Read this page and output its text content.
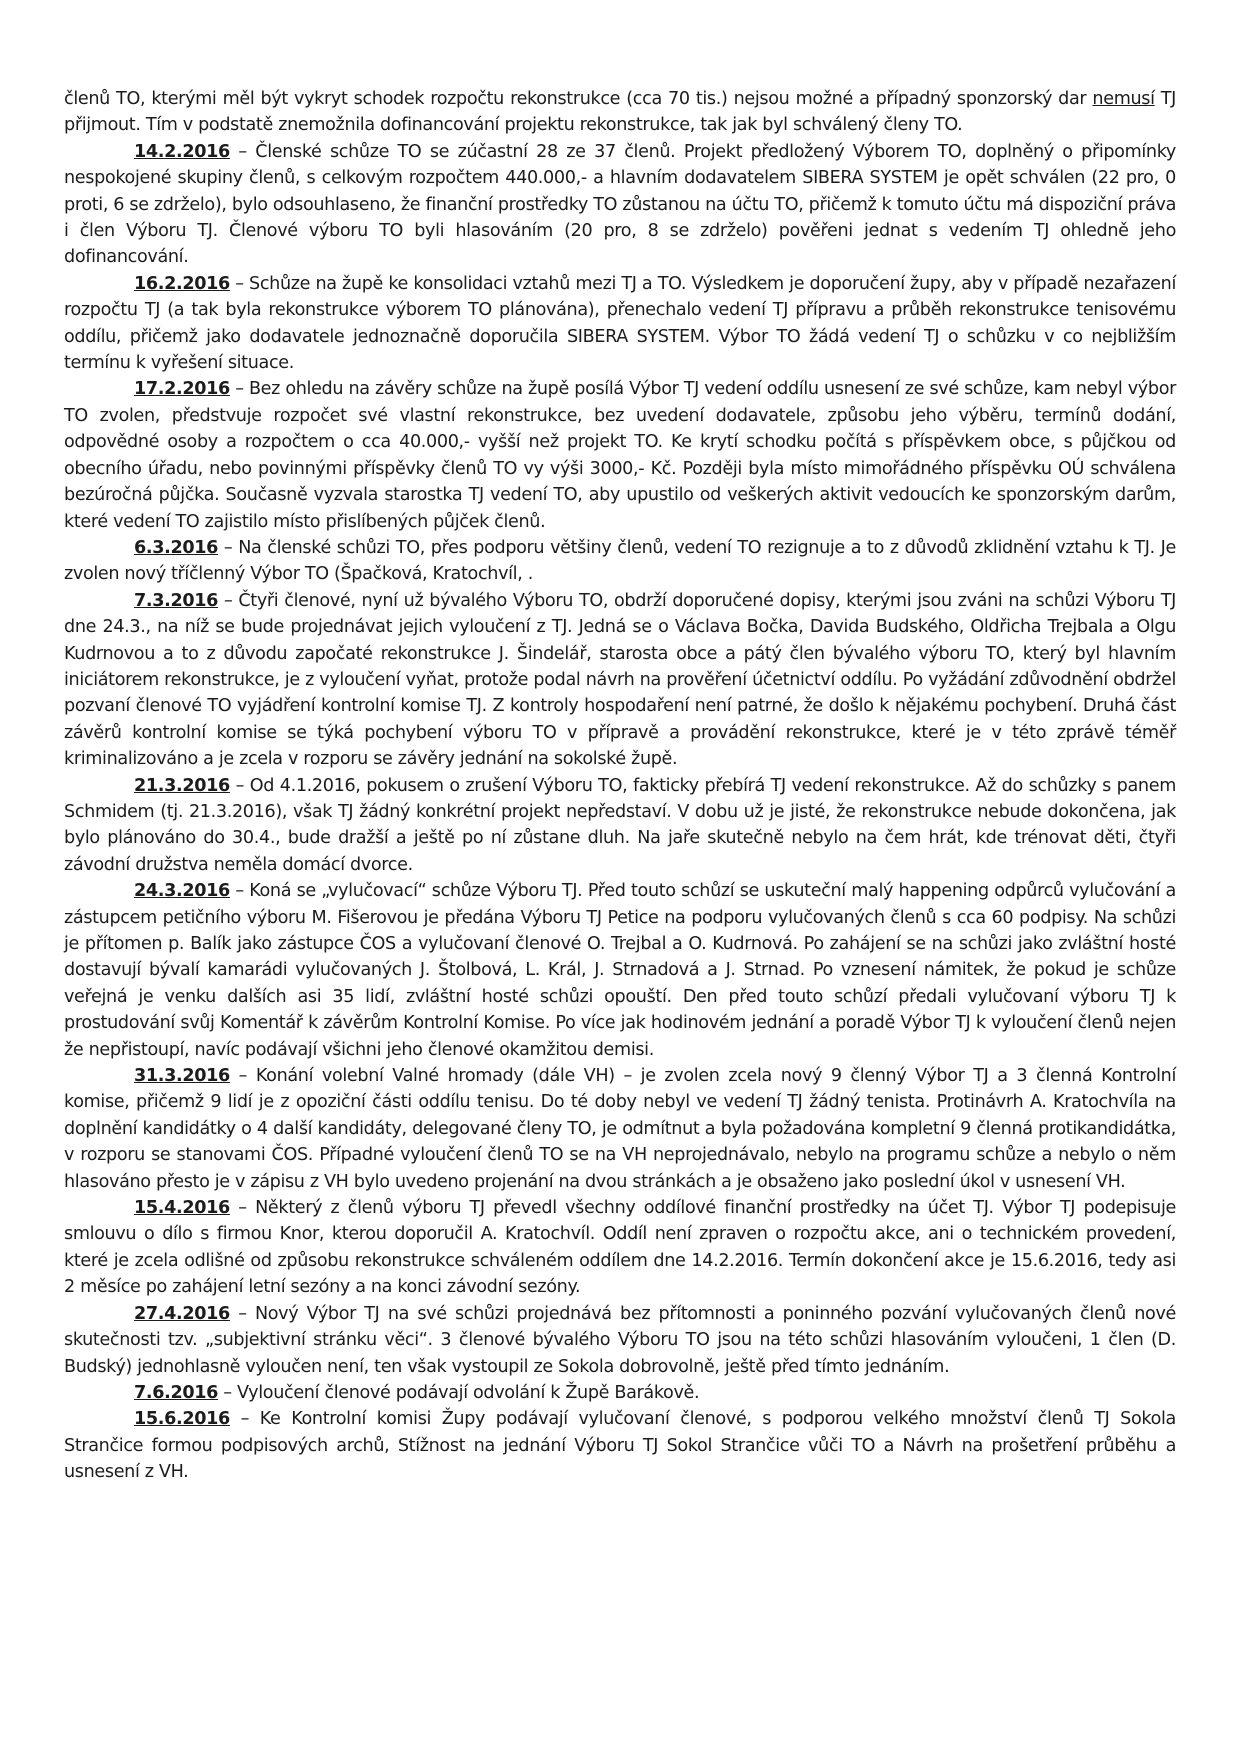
členů TO, kterými měl být vykryt schodek rozpočtu rekonstrukce (cca 70 tis.) nejsou možné a případný sponzorský dar nemusí TJ přijmout. Tím v podstatě znemožnila dofinancování projektu rekonstrukce, tak jak byl schválený členy TO.

14.2.2016 – Členské schůze TO se zúčastní 28 ze 37 členů. Projekt předložený Výborem TO, doplněný o připomínky nespokojené skupiny členů, s celkovým rozpočtem 440.000,- a hlavním dodavatelem SIBERA SYSTEM je opět schválen (22 pro, 0 proti, 6 se zdrželo), bylo odsouhlaseno, že finanční prostředky TO zůstanou na účtu TO, přičemž k tomuto účtu má dispoziční práva i člen Výboru TJ. Členové výboru TO byli hlasováním (20 pro, 8 se zdrželo) pověřeni jednat s vedením TJ ohledně jeho dofinancování.

16.2.2016 – Schůze na župě ke konsolidaci vztahů mezi TJ a TO. Výsledkem je doporučení župy, aby v případě nezařazení rozpočtu TJ (a tak byla rekonstrukce výborem TO plánována), přenechalo vedení TJ přípravu a průběh rekonstrukce tenisovému oddílu, přičemž jako dodavatele jednoznačně doporučila SIBERA SYSTEM. Výbor TO žádá vedení TJ o schůzku v co nejbližším termínu k vyřešení situace.

17.2.2016 – Bez ohledu na závěry schůze na župě posílá Výbor TJ vedení oddílu usnesení ze své schůze, kam nebyl výbor TO zvolen, předstvuje rozpočet své vlastní rekonstrukce, bez uvedení dodavatele, způsobu jeho výběru, termínů dodání, odpovědné osoby a rozpočtem o cca 40.000,- vyšší než projekt TO. Ke krytí schodku počítá s příspěvkem obce, s půjčkou od obecního úřadu, nebo povinnými příspěvky členů TO vy výši 3000,- Kč. Později byla místo mimořádného příspěvku OÚ schválena bezúročná půjčka. Současně vyzvala starostka TJ vedení TO, aby upustilo od veškerých aktivit vedoucích ke sponzorským darům, které vedení TO zajistilo místo přislíbených půjček členů.

6.3.2016 – Na členské schůzi TO, přes podporu většiny členů, vedení TO rezignuje a to z důvodů zklidnění vztahu k TJ. Je zvolen nový tříčlenný Výbor TO (Špačková, Kratochvíl, .

7.3.2016 – Čtyři členové, nyní už bývalého Výboru TO, obdrží doporučené dopisy, kterými jsou zváni na schůzi Výboru TJ dne 24.3., na níž se bude projednávat jejich vyloučení z TJ. Jedná se o Václava Bočka, Davida Budského, Oldřicha Trejbala a Olgu Kudrnovou a to z důvodu započaté rekonstrukce J. Šindelář, starosta obce a pátý člen bývalého výboru TO, který byl hlavním iniciátorem rekonstrukce, je z vyloučení vyňat, protože podal návrh na prověření účetnictví oddílu. Po vyžádání zdůvodnění obdržel pozvaní členové TO vyjádření kontrolní komise TJ. Z kontroly hospodaření není patrné, že došlo k nějakému pochybení. Druhá část závěrů kontrolní komise se týká pochybení výboru TO v přípravě a provádění rekonstrukce, které je v této zprávě téměř kriminalizováno a je zcela v rozporu se závěry jednání na sokolské župě.

21.3.2016 – Od 4.1.2016, pokusem o zrušení Výboru TO, fakticky přebírá TJ vedení rekonstrukce. Až do schůzky s panem Schmidem (tj. 21.3.2016), však TJ žádný konkrétní projekt nepředstaví. V dobu už je jisté, že rekonstrukce nebude dokončena, jak bylo plánováno do 30.4., bude dražší a ještě po ní zůstane dluh. Na jaře skutečně nebylo na čem hrát, kde trénovat děti, čtyři závodní družstva neměla domácí dvorce.

24.3.2016 – Koná se „vylučovací“ schůze Výboru TJ. Před touto schůzí se uskuteční malý happening odpůrců vylučování a zástupcem petičního výboru M. Fišerovou je předána Výboru TJ Petice na podporu vylučovaných členů s cca 60 podpisy. Na schůzi je přítomen p. Balík jako zástupce ČOS a vylučovaní členové O. Trejbal a O. Kudrnová. Po zahájení se na schůzi jako zvláštní hosté dostavují bývalí kamarádi vylučovaných J. Štolbová, L. Král, J. Strnadová a J. Strnad. Po vznesení námitek, že pokud je schůze veřejná je venku dalších asi 35 lidí, zvláštní hosté schůzi opouští. Den před touto schůzí předali vylučovaní výboru TJ k prostudování svůj Komentář k závěrům Kontrolní Komise. Po více jak hodinovém jednání a poradě Výbor TJ k vyloučení členů nejen že nepřistoupí, navíc podávají všichni jeho členové okamžitou demisi.

31.3.2016 – Konání volební Valné hromady (dále VH) – je zvolen zcela nový 9 členný Výbor TJ a 3 členná Kontrolní komise, přičemž 9 lidí je z opoziční části oddílu tenisu. Do té doby nebyl ve vedení TJ žádný tenista. Protinávrh A. Kratochvíla na doplnění kandidátky o 4 další kandidáty, delegované členy TO, je odmítnut a byla požadována kompletní 9 členná protikandidátka, v rozporu se stanovami ČOS. Případné vyloučení členů TO se na VH neprojednávalo, nebylo na programu schůze a nebylo o něm hlasováno přesto je v zápisu z VH bylo uvedeno projenání na dvou stránkách a je obsaženo jako poslední úkol v usnesení VH.

15.4.2016 – Některý z členů výboru TJ převedl všechny oddílové finanční prostředky na účet TJ. Výbor TJ podepisuje smlouvu o dílo s firmou Knor, kterou doporučil A. Kratochvíl. Oddíl není zpraven o rozpočtu akce, ani o technickém provedení, které je zcela odlišné od způsobu rekonstrukce schváleném oddílem dne 14.2.2016. Termín dokončení akce je 15.6.2016, tedy asi 2 měsíce po zahájení letní sezóny a na konci závodní sezóny.

27.4.2016 – Nový Výbor TJ na své schůzi projednává bez přítomnosti a poninného pozvání vylučovaných členů nové skutečnosti tzv. „subjektivní stránku věci“. 3 členové bývalého Výboru TO jsou na této schůzi hlasováním vyloučeni, 1 člen (D. Budský) jednohlasně vyloučen není, ten však vystoupil ze Sokola dobrovolně, ještě před tímto jednáním.

7.6.2016 – Vyloučení členové podávají odvolání k Župě Barákově.

15.6.2016 – Ke Kontrolní komisi Župy podávají vylučovaní členové, s podporou velkého množství členů TJ Sokola Strančice formou podpisových archů, Stížnost na jednání Výboru TJ Sokol Strančice vůči TO a Návrh na prošetření průběhu a usnesení z VH.
